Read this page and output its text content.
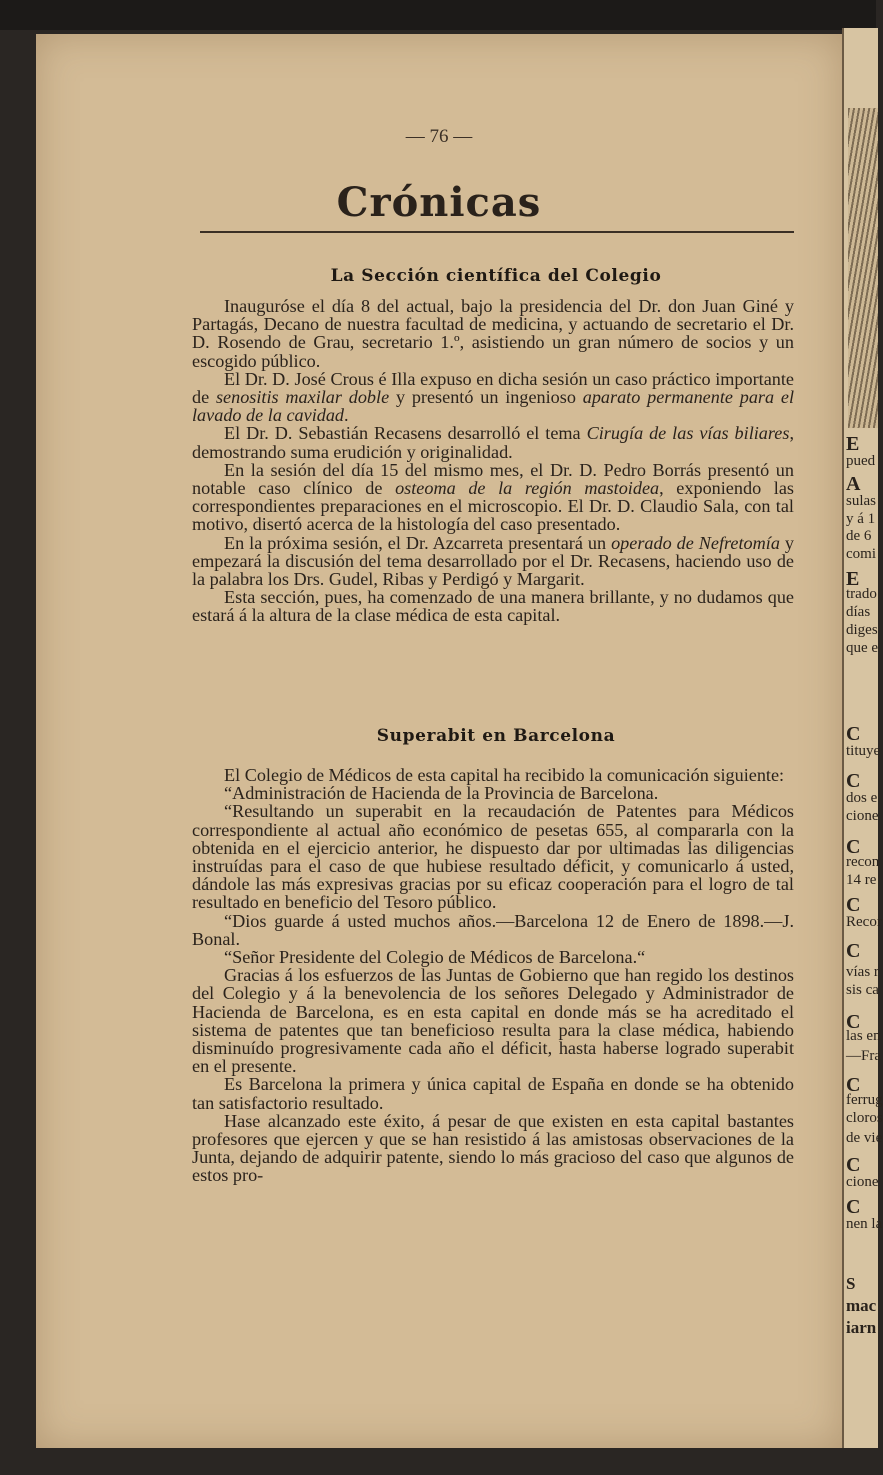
E
pued
A
sulas
y á 1
de 6
comi
E
trado
días
diges
que e
C
tituye
C
dos e
cione
C
recon
14 re
C
Recor
C
vías r
sis ca
C
las en
—Fra
C
ferrug
cloros
de vie
C
cione
C
nen la
S
mac
iarn
— 76 —
Crónicas
La Sección científica del Colegio

Inauguróse el día 8 del actual, bajo la presidencia del Dr. don Juan Giné y Partagás, Decano de nuestra facultad de medicina, y actuando de secretario el Dr. D. Rosendo de Grau, secretario 1.º, asistiendo un gran número de socios y un escogido público.

El Dr. D. José Crous é Illa expuso en dicha sesión un caso práctico importante de senositis maxilar doble y presentó un ingenioso aparato permanente para el lavado de la cavidad.

El Dr. D. Sebastián Recasens desarrolló el tema Cirugía de las vías biliares, demostrando suma erudición y originalidad.

En la sesión del día 15 del mismo mes, el Dr. D. Pedro Borrás presentó un notable caso clínico de osteoma de la región mastoidea, exponiendo las correspondientes preparaciones en el microscopio. El Dr. D. Claudio Sala, con tal motivo, disertó acerca de la histología del caso presentado.

En la próxima sesión, el Dr. Azcarreta presentará un operado de Nefretomía y empezará la discusión del tema desarrollado por el Dr. Recasens, haciendo uso de la palabra los Drs. Gudel, Ribas y Perdigó y Margarit.

Esta sección, pues, ha comenzado de una manera brillante, y no dudamos que estará á la altura de la clase médica de esta capital.

Superabit en Barcelona

El Colegio de Médicos de esta capital ha recibido la comunicación siguiente:

“Administración de Hacienda de la Provincia de Barcelona.

“Resultando un superabit en la recaudación de Patentes para Médicos correspondiente al actual año económico de pesetas 655, al compararla con la obtenida en el ejercicio anterior, he dispuesto dar por ultimadas las diligencias instruídas para el caso de que hubiese resultado déficit, y comunicarlo á usted, dándole las más expresivas gracias por su eficaz cooperación para el logro de tal resultado en beneficio del Tesoro público.

“Dios guarde á usted muchos años.—Barcelona 12 de Enero de 1898.—J. Bonal.

“Señor Presidente del Colegio de Médicos de Barcelona.“

Gracias á los esfuerzos de las Juntas de Gobierno que han regido los destinos del Colegio y á la benevolencia de los señores Delegado y Administrador de Hacienda de Barcelona, es en esta capital en donde más se ha acreditado el sistema de patentes que tan beneficioso resulta para la clase médica, habiendo disminuído progresivamente cada año el déficit, hasta haberse logrado superabit en el presente.

Es Barcelona la primera y única capital de España en donde se ha obtenido tan satisfactorio resultado.

Hase alcanzado este éxito, á pesar de que existen en esta capital bastantes profesores que ejercen y que se han resistido á las amistosas observaciones de la Junta, dejando de adquirir patente, siendo lo más gracioso del caso que algunos de estos pro-
